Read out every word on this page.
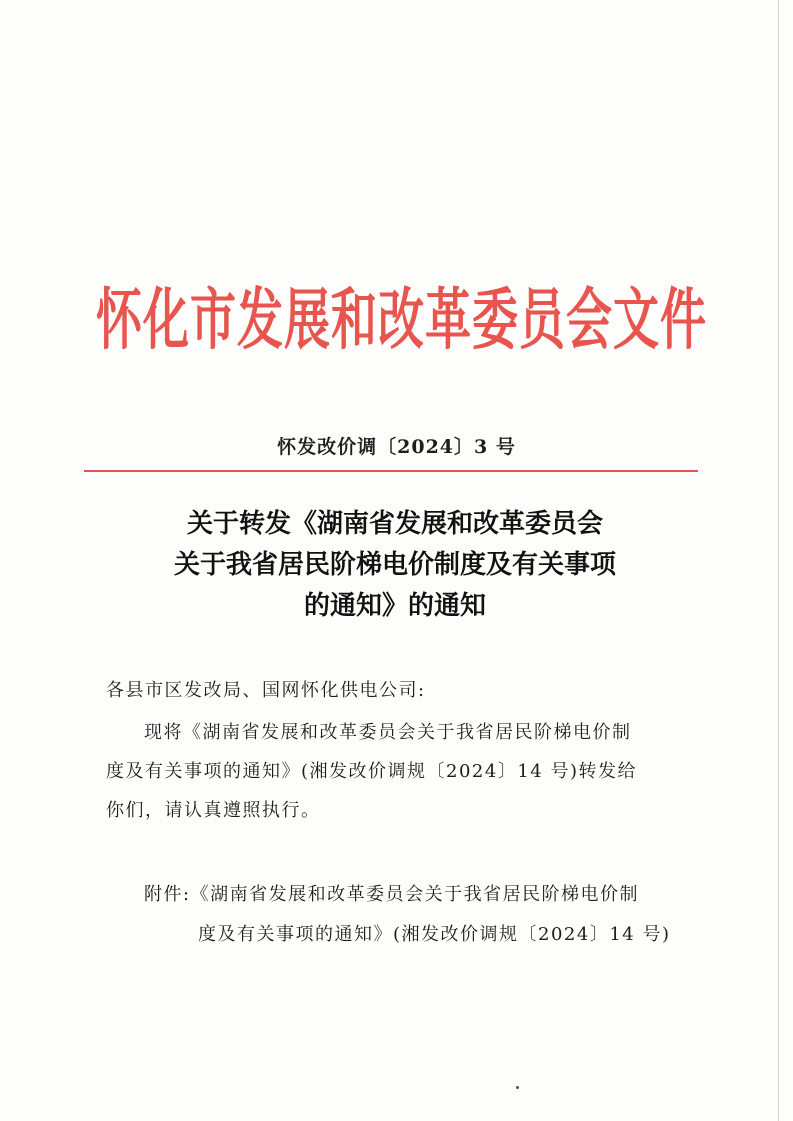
怀化市发展和改革委员会文件
怀发改价调〔2024〕3 号
关于转发《湖南省发展和改革委员会
关于我省居民阶梯电价制度及有关事项
的通知》的通知
各县市区发改局、国网怀化供电公司:
现将《湖南省发展和改革委员会关于我省居民阶梯电价制
度及有关事项的通知》(湘发改价调规〔2024〕14 号)转发给
你们，请认真遵照执行。
附件:《湖南省发展和改革委员会关于我省居民阶梯电价制
度及有关事项的通知》(湘发改价调规〔2024〕14 号)
